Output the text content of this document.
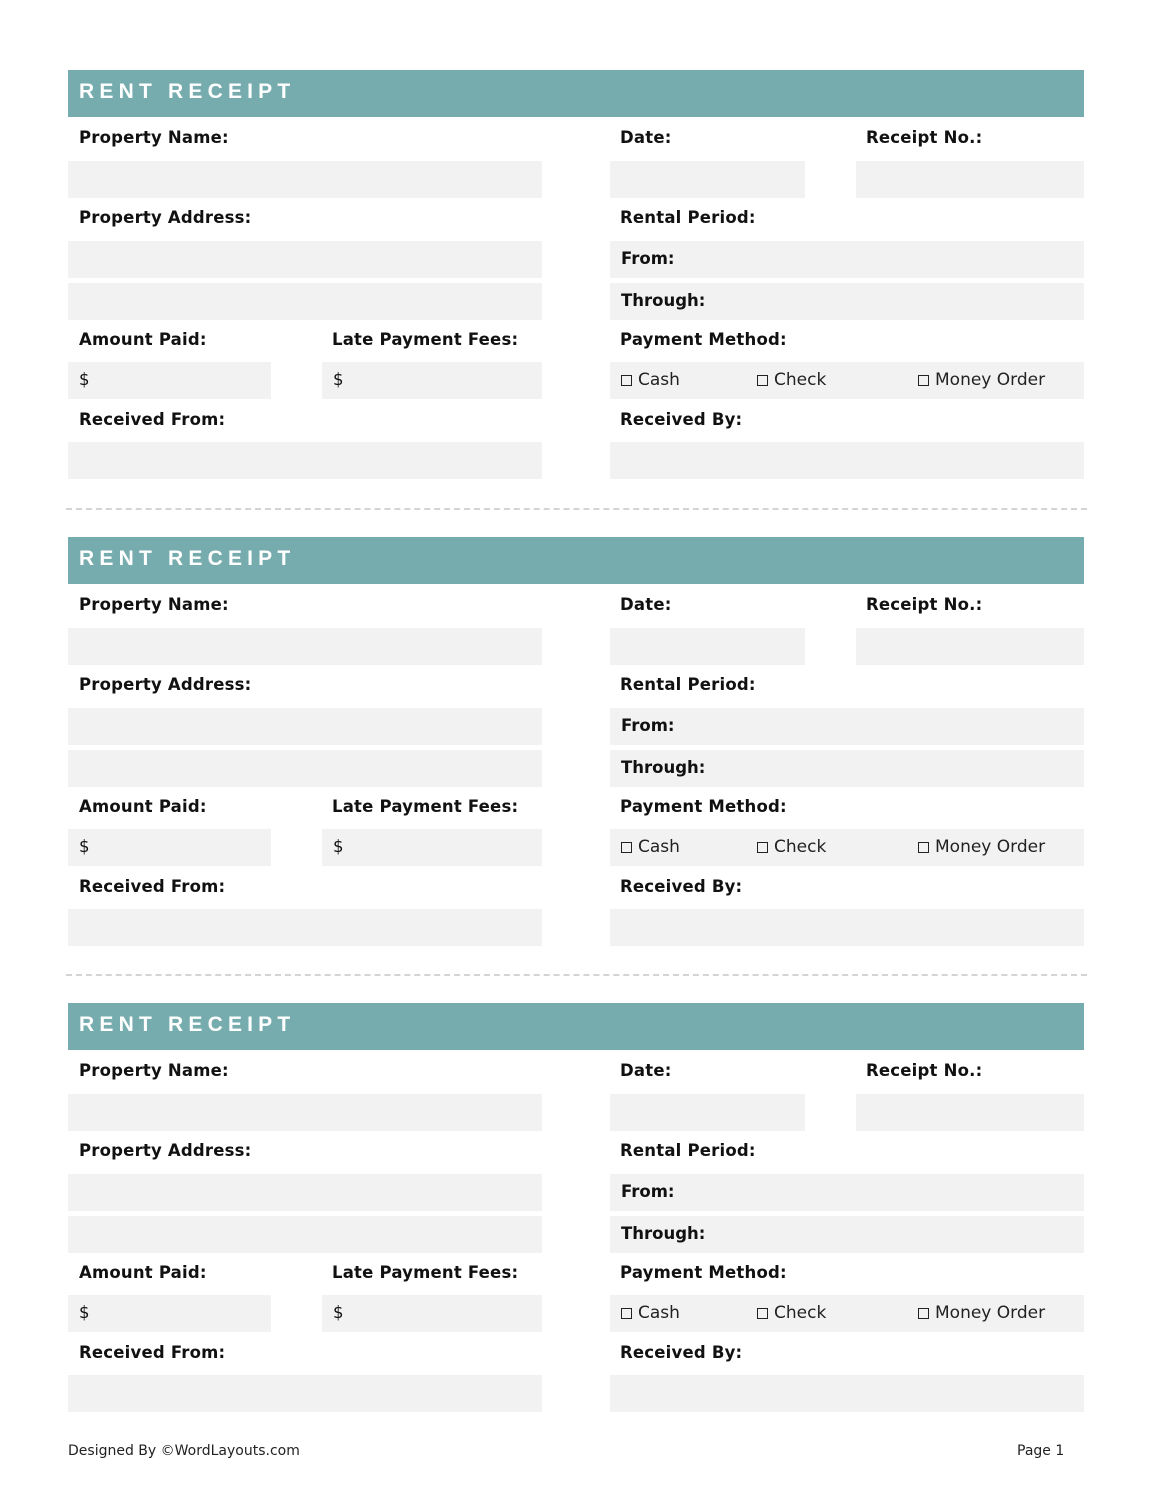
RENT RECEIPT
Property Name:	Date:	Receipt No.:
Property Address:	Rental Period:
From:
Through:
Amount Paid:	Late Payment Fees:	Payment Method:
$	$	Cash	Check	Money Order
Received From:	Received By:
RENT RECEIPT
Property Name:	Date:	Receipt No.:
Property Address:	Rental Period:
From:
Through:
Amount Paid:	Late Payment Fees:	Payment Method:
$	$	Cash	Check	Money Order
Received From:	Received By:
RENT RECEIPT
Property Name:	Date:	Receipt No.:
Property Address:	Rental Period:
From:
Through:
Amount Paid:	Late Payment Fees:	Payment Method:
$	$	Cash	Check	Money Order
Received From:	Received By:
Designed By ©WordLayouts.com	Page 1
